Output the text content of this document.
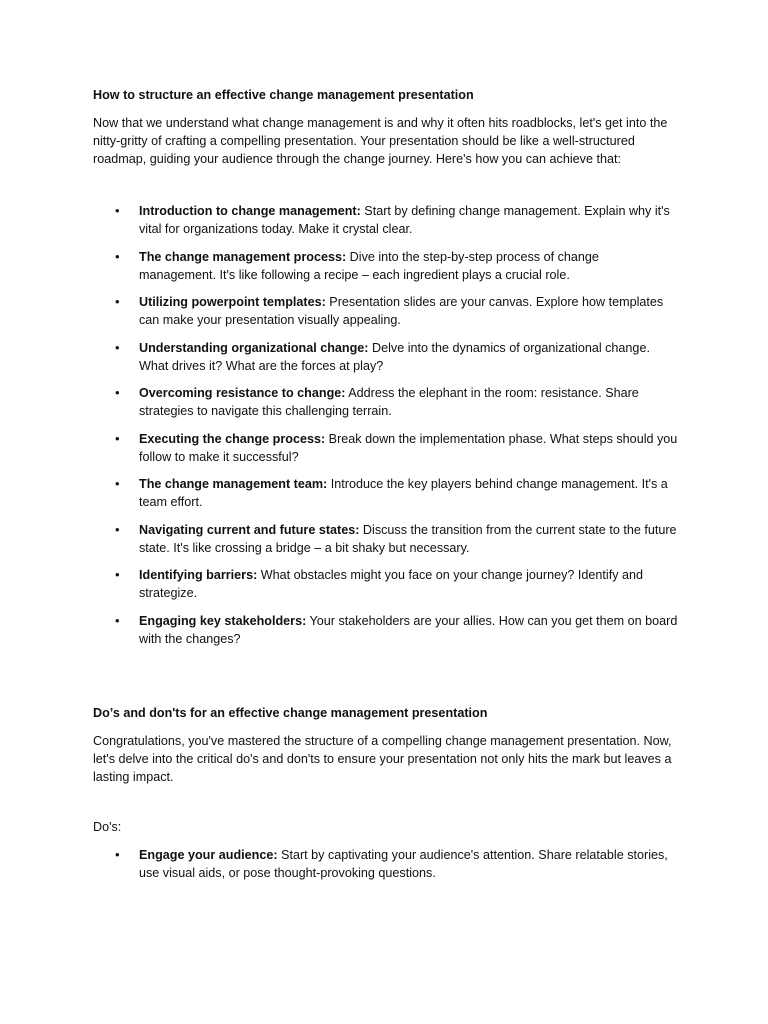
How to structure an effective change management presentation

Now that we understand what change management is and why it often hits roadblocks, let's get into the nitty-gritty of crafting a compelling presentation. Your presentation should be like a well-structured roadmap, guiding your audience through the change journey. Here's how you can achieve that:

• Introduction to change management: Start by defining change management. Explain why it's vital for organizations today. Make it crystal clear.
• The change management process: Dive into the step-by-step process of change management. It's like following a recipe – each ingredient plays a crucial role.
• Utilizing powerpoint templates: Presentation slides are your canvas. Explore how templates can make your presentation visually appealing.
• Understanding organizational change: Delve into the dynamics of organizational change. What drives it? What are the forces at play?
• Overcoming resistance to change: Address the elephant in the room: resistance. Share strategies to navigate this challenging terrain.
• Executing the change process: Break down the implementation phase. What steps should you follow to make it successful?
• The change management team: Introduce the key players behind change management. It's a team effort.
• Navigating current and future states: Discuss the transition from the current state to the future state. It's like crossing a bridge – a bit shaky but necessary.
• Identifying barriers: What obstacles might you face on your change journey? Identify and strategize.
• Engaging key stakeholders: Your stakeholders are your allies. How can you get them on board with the changes?
Do’s and don'ts for an effective change management presentation

Congratulations, you've mastered the structure of a compelling change management presentation. Now, let's delve into the critical do's and don'ts to ensure your presentation not only hits the mark but leaves a lasting impact.

Do's:

• Engage your audience: Start by captivating your audience's attention. Share relatable stories, use visual aids, or pose thought-provoking questions.
